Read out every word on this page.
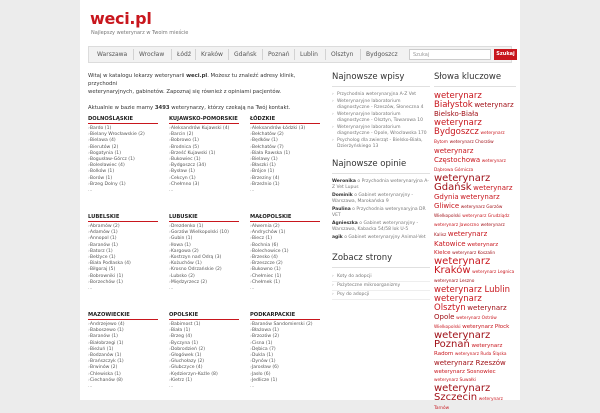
weci.pl
Najlepszy weterynarz w Twoim mieście
Warszawa Wrocław Łódź Kraków Gdańsk Poznań Lublin Olsztyn Bydgoszcz	Szukaj	Szukaj
Witaj w katalogu lekarzy weterynarii weci.pl. Możesz tu znaleźć adresy klinik, przychodni
weterynaryjnych, gabinetów. Zapoznaj się również z opiniami pacjentów.
Aktualnie w bazie mamy 3493 weterynarzy, którzy czekają na Twój kontakt.
DOLNOŚLĄSKIE
› Bardo (1)
› Bielany Wrocławskie (2)
› Bielawa (4)
› Bierutów (2)
› Bogatynia (1)
› Bogusław-Górcz (1)
› Bolesławiec (4)
› Bolków (1)
› Borów (1)
› Brzeg Dolny (1)
...
KUJAWSKO-POMORSKIE
› Aleksandrów Kujawski (4)
› Barcin (2)
› Bobrowo (1)
› Brodnica (5)
› Brześć Kujawski (1)
› Bukowiec (1)
› Bydgoszcz (34)
› Bysław (1)
› Cekcyn (1)
› Chełmno (3)
...
ŁÓDZKIE
› Aleksandrów Łódzki (3)
› Bełchatów (2)
› Będków (1)
› Bełchatów (7)
› Biała Rawska (1)
› Bielawy (1)
› Błaszki (1)
› Brójce (1)
› Brzeziny (4)
› Brzeźnio (1)
...
LUBELSKIE
› Abramów (2)
› Adamów (1)
› Annopol (1)
› Baranów (1)
› Batorz (1)
› Bełżyce (1)
› Biała Podlaska (4)
› Biłgoraj (5)
› Bobrowniki (1)
› Borzechów (1)
...
LUBUSKIE
› Drezdenko (1)
› Gorzów Wielkopolski (10)
› Gubin (1)
› Iłowa (1)
› Kargowa (2)
› Kostrzyn nad Odrą (3)
› Kożuchów (1)
› Krosno Odrzańskie (2)
› Lubsko (2)
› Międzyrzecz (2)
...
MAŁOPOLSKIE
› Alwernia (2)
› Andrychów (1)
› Biecz (1)
› Bochnia (6)
› Bolechowice (1)
› Brzesko (4)
› Brzeszcze (2)
› Bukowno (1)
› Chełmiec (1)
› Chełmek (1)
...
MAZOWIECKIE
› Andrzejewo (4)
› Baboszewo (1)
› Baranów (1)
› Białobrzegi (1)
› Bieżuń (1)
› Bodzanów (1)
› Brańszczyk (1)
› Brwinów (2)
› Chlewiska (1)
› Ciechanów (8)
...
OPOLSKIE
› Babimost (1)
› Biała (1)
› Brzeg (4)
› Byczyna (1)
› Dobrodzień (2)
› Głogówek (1)
› Głuchołazy (2)
› Głubczyce (4)
› Kędzierzyn-Koźle (8)
› Kietrz (1)
...
PODKARPACKIE
› Baranów Sandomierski (2)
› Błażowa (1)
› Brzozów (2)
› Cisna (1)
› Dębica (7)
› Dukla (1)
› Dynów (1)
› Jarosław (6)
› Jasło (6)
› Jedlicze (1)
...
Najnowsze wpisy
› Przychodnia weterynaryjna A-Z Vet
› Weterynaryjne laboratorium diagnostyczne - Rzeszów, Słoneczna 4
› Weterynaryjne laboratorium diagnostyczne - Olsztyn, Towarowa 10
› Weterynaryjne laboratorium diagnostyczne - Opole, Wrocławska 170
› Psycholog dla zwierząt - Bielsko-Biała, Dzierżyńskiego 13
Najnowsze opinie
Weronika o Przychodnia weterynaryjna A-Z Vet Lupus
Dominik o Gabinet weterynaryjny - Warszawa, Marokańska 9
Paulina o Przychodnia weterynaryjna DR VET
Agnieszka o Gabinet weterynaryjny - Warszawa, Kabacka 54/58 lok U-5
agik o Gabinet weterynaryjny Animal-Vet
Zobacz strony
› Koty do adopcji
› Pożyteczne mikroorganizmy
› Psy do adopcji
Słowa kluczowe
weterynarz Białystok weterynarz Bielsko-Biała weterynarz Bydgoszcz weterynarz Bytom weterynarz Chorzów weterynarz Częstochowa weterynarz Dąbrowa Górnicza weterynarz Gdańsk weterynarz Gdynia weterynarz Gliwice weterynarz Gorzów Wielkopolski weterynarz Grudziądz weterynarz Jaworzno weterynarz Kalisz weterynarz Katowice weterynarz Kielce weterynarz Koszalin weterynarz Kraków weterynarz Legnica weterynarz Leszno weterynarz Lublin weterynarz Olsztyn weterynarz Opole weterynarz Ostrów Wielkopolski weterynarz Płock weterynarz Poznań weterynarz Radom weterynarz Ruda Śląska weterynarz Rzeszów weterynarz Sosnowiec weterynarz Suwałki weterynarz Szczecin weterynarz Tarnów
